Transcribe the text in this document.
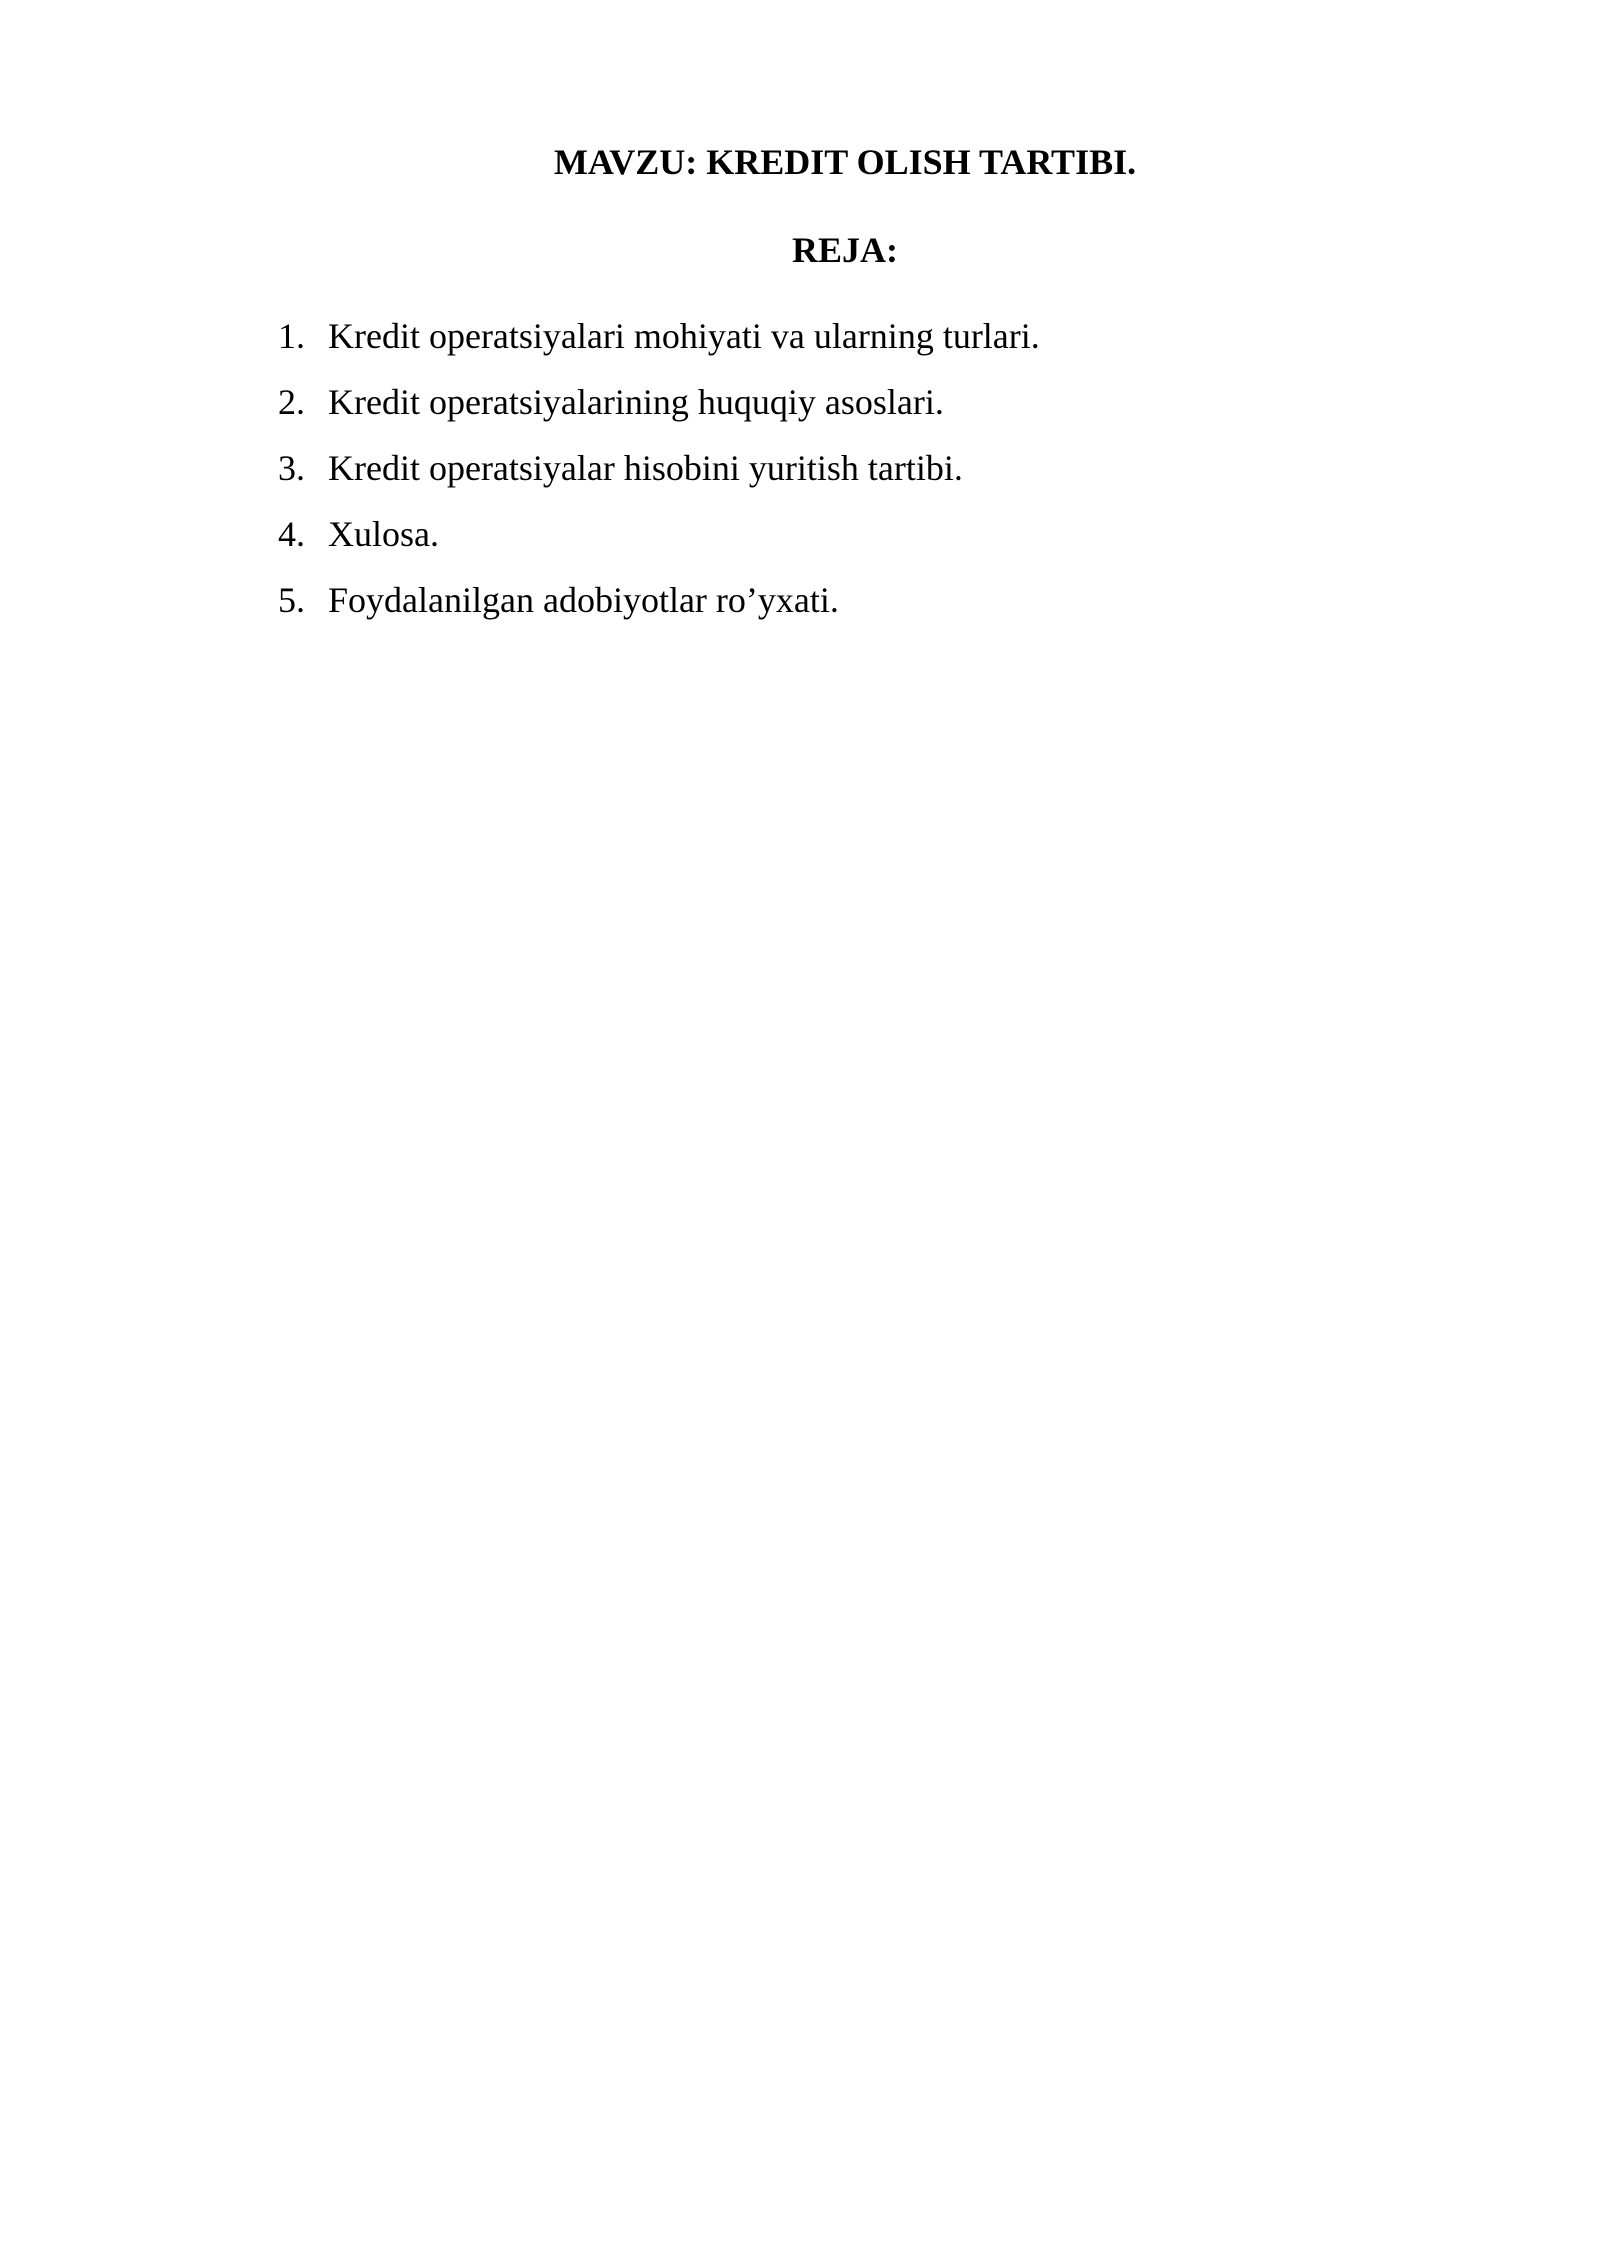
MAVZU: KREDIT OLISH TARTIBI.
REJA:
1. Kredit operatsiyalari mohiyati va ularning turlari.
2. Kredit operatsiyalarining huquqiy asoslari.
3. Kredit operatsiyalar hisobini yuritish tartibi.
4. Xulosa.
5. Foydalanilgan adobiyotlar ro’yxati.
